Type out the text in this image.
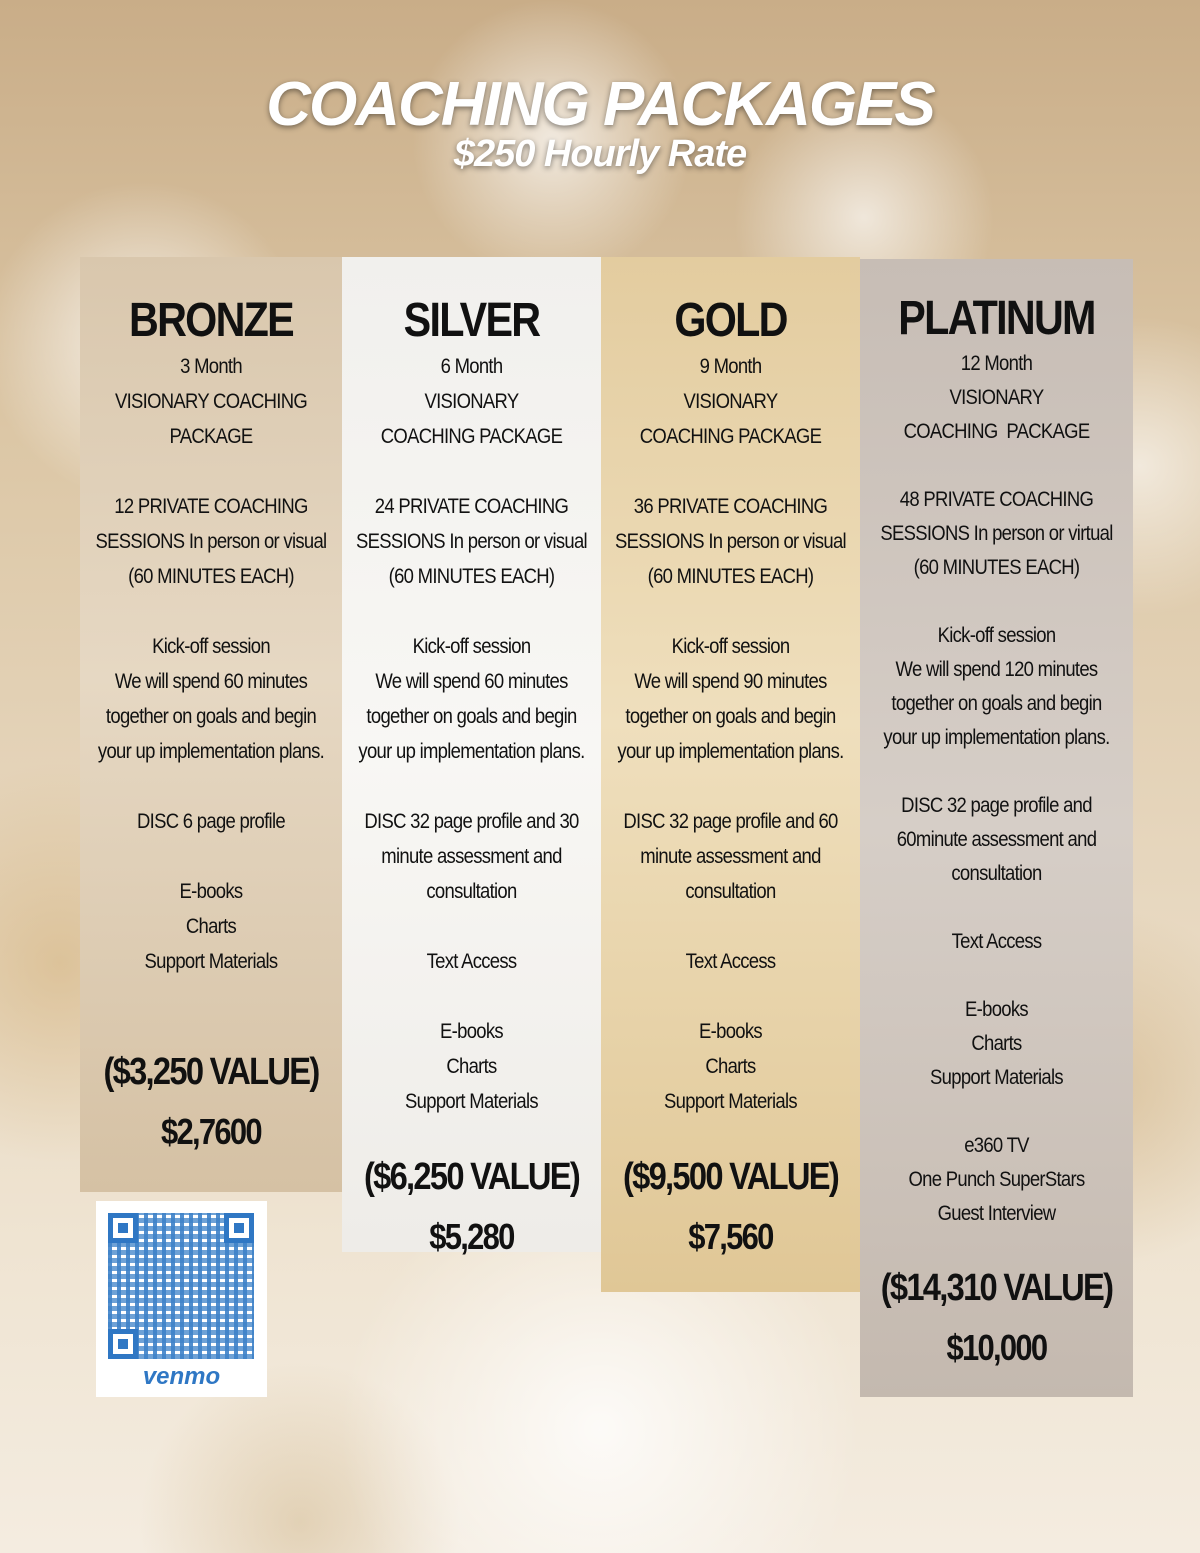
COACHING PACKAGES
$250 Hourly Rate
BRONZE
3 Month
VISIONARY COACHING
PACKAGE
12 PRIVATE COACHING
SESSIONS In person or visual
(60 MINUTES EACH)
Kick-off session
We will spend 60 minutes
together on goals and begin
your up implementation plans.
DISC 6 page profile
E-books
Charts
Support Materials
($3,250 VALUE)
$2,7600
SILVER
6 Month
VISIONARY
COACHING PACKAGE
24 PRIVATE COACHING
SESSIONS In person or visual
(60 MINUTES EACH)
Kick-off session
We will spend 60 minutes
together on goals and begin
your up implementation plans.
DISC 32 page profile and 30
minute assessment and
consultation
Text Access
E-books
Charts
Support Materials
($6,250 VALUE)
$5,280
GOLD
9 Month
VISIONARY
COACHING PACKAGE
36 PRIVATE COACHING
SESSIONS In person or visual
(60 MINUTES EACH)
Kick-off session
We will spend 90 minutes
together on goals and begin
your up implementation plans.
DISC 32 page profile and 60
minute assessment and
consultation
Text Access
E-books
Charts
Support Materials
($9,500 VALUE)
$7,560
PLATINUM
12 Month
VISIONARY
COACHING  PACKAGE
48 PRIVATE COACHING
SESSIONS In person or virtual
(60 MINUTES EACH)
Kick-off session
We will spend 120 minutes
together on goals and begin
your up implementation plans.
DISC 32 page profile and
60minute assessment and
consultation
Text Access
E-books
Charts
Support Materials
e360 TV
One Punch SuperStars
Guest Interview
($14,310 VALUE)
$10,000
venmo
